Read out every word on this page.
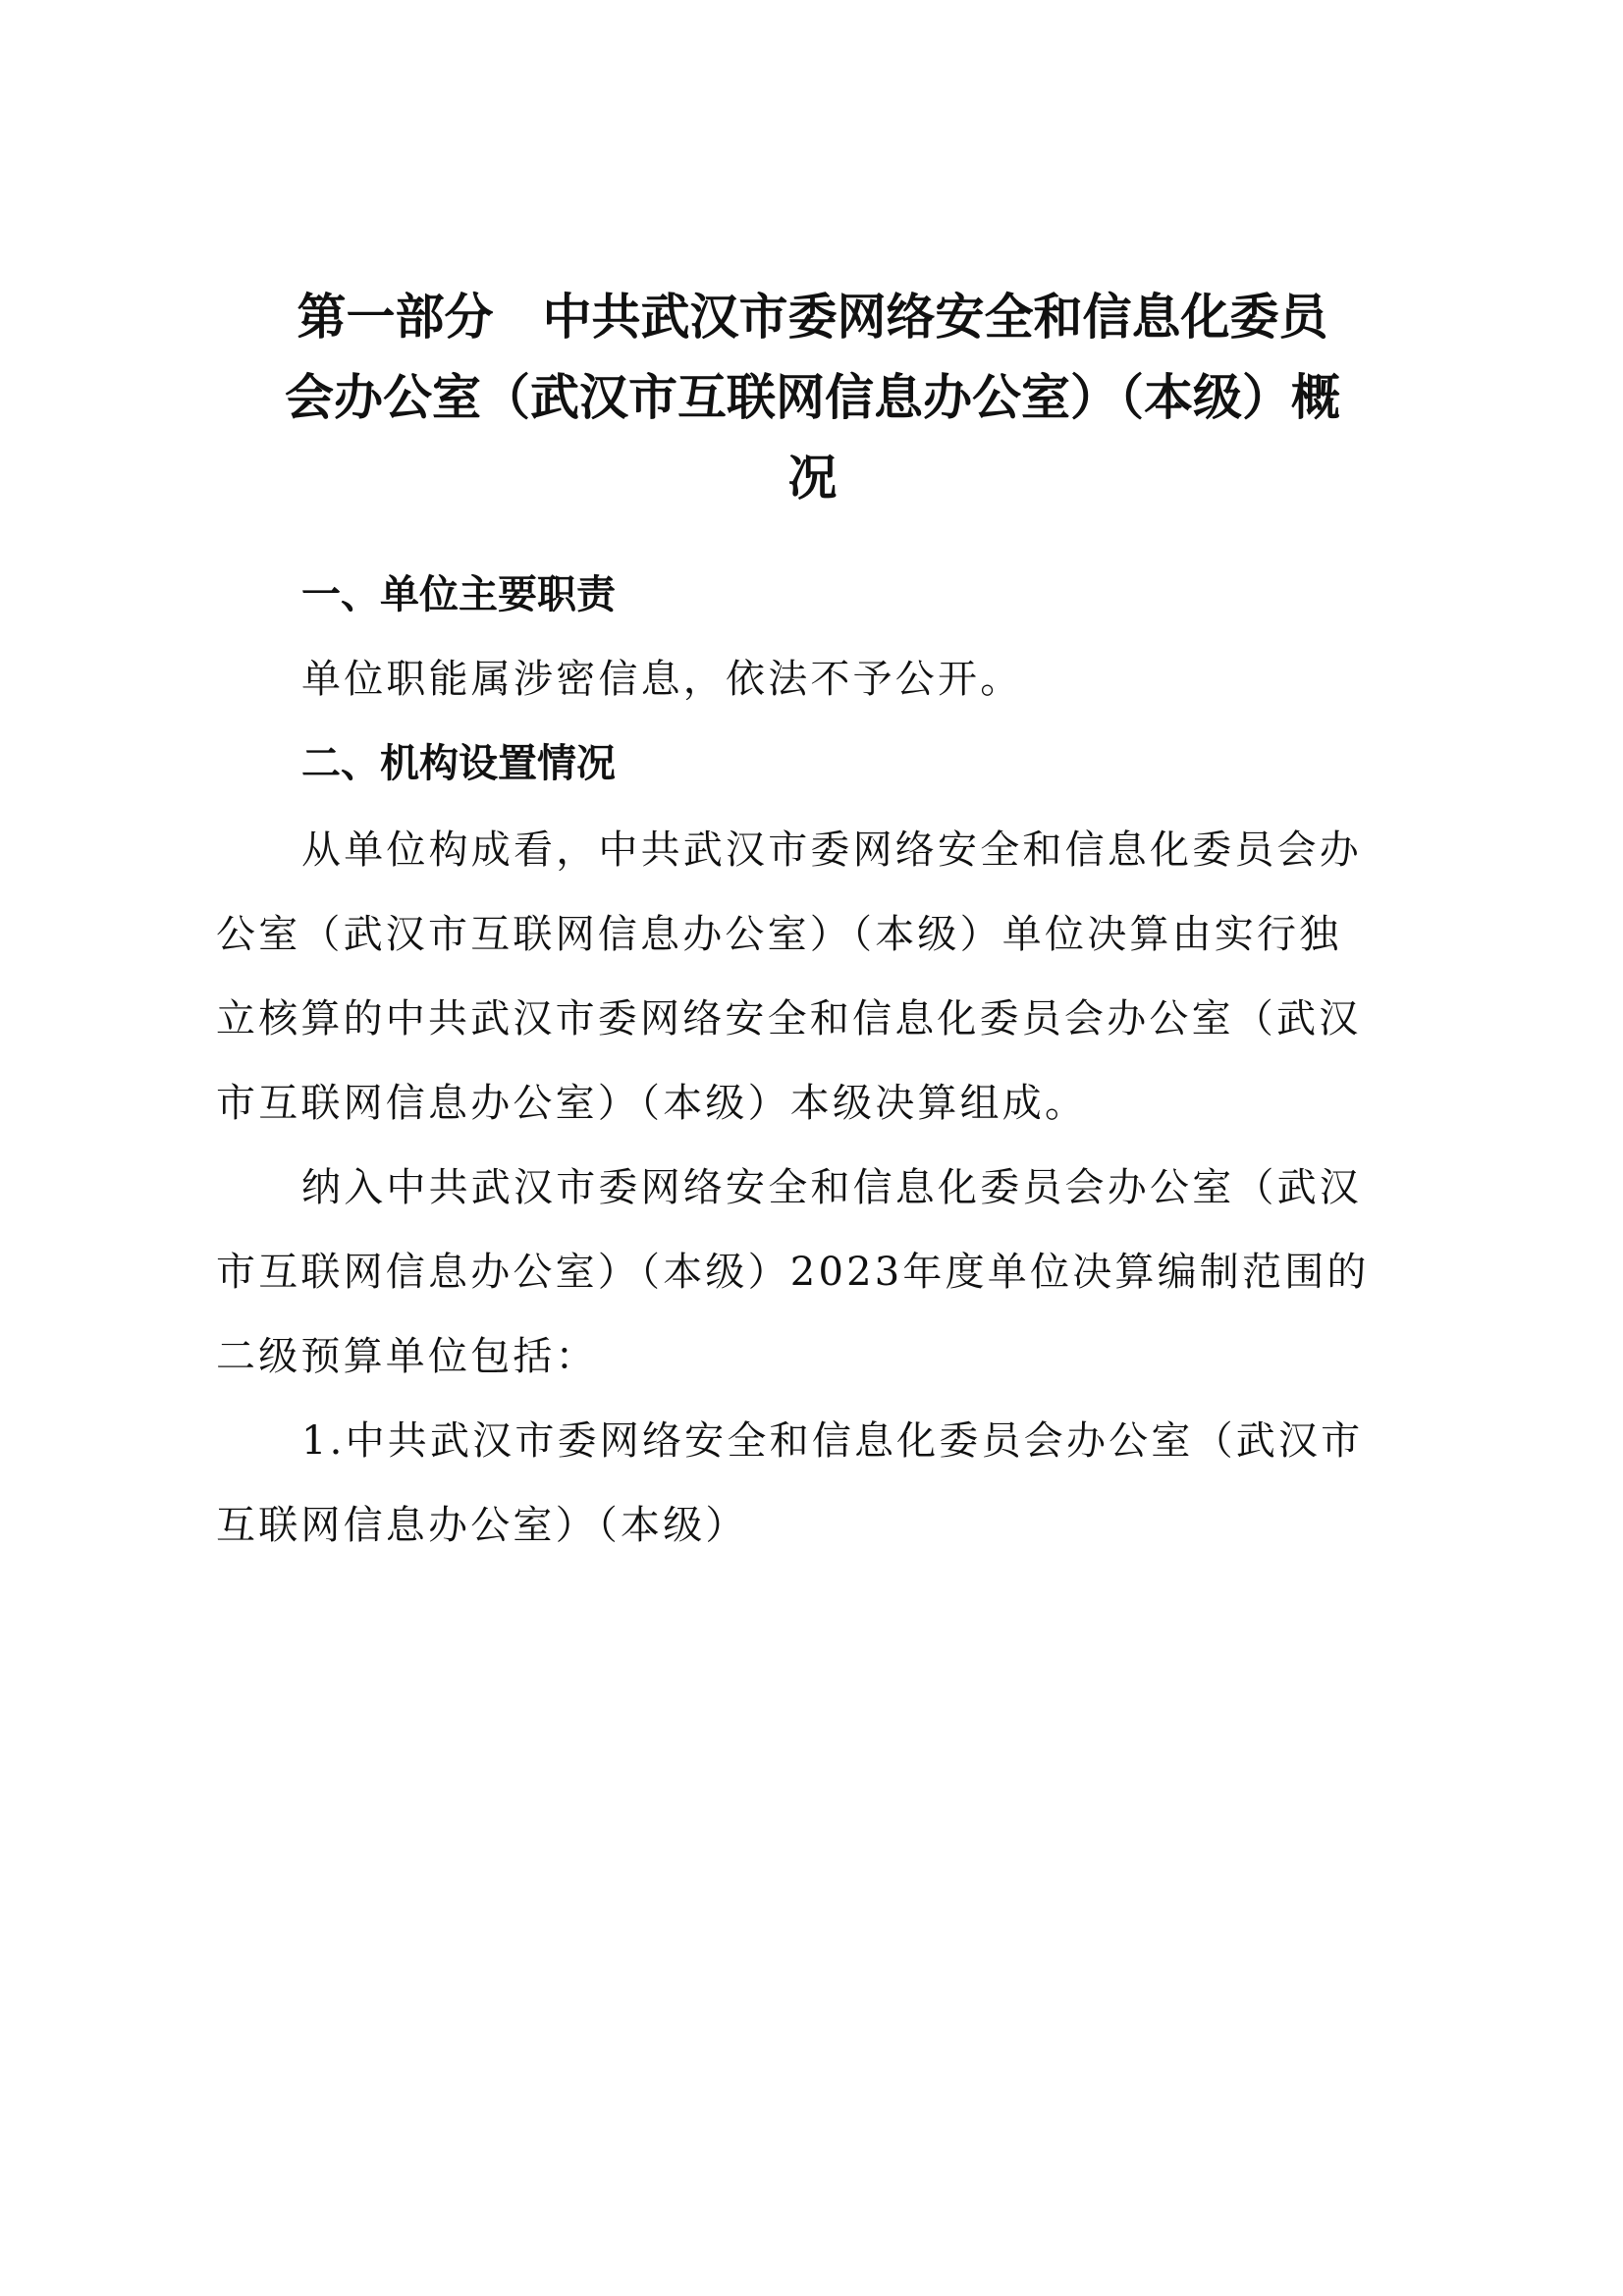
第一部分　中共武汉市委网络安全和信息化委员
会办公室（武汉市互联网信息办公室）（本级）概
况
一、单位主要职责
单位职能属涉密信息，依法不予公开。
二、机构设置情况
从单位构成看，中共武汉市委网络安全和信息化委员会办
公室（武汉市互联网信息办公室）（本级）单位决算由实行独
立核算的中共武汉市委网络安全和信息化委员会办公室（武汉
市互联网信息办公室）（本级）本级决算组成。
纳入中共武汉市委网络安全和信息化委员会办公室（武汉
市互联网信息办公室）（本级）2023年度单位决算编制范围的
二级预算单位包括：
1.中共武汉市委网络安全和信息化委员会办公室（武汉市
互联网信息办公室）（本级）
